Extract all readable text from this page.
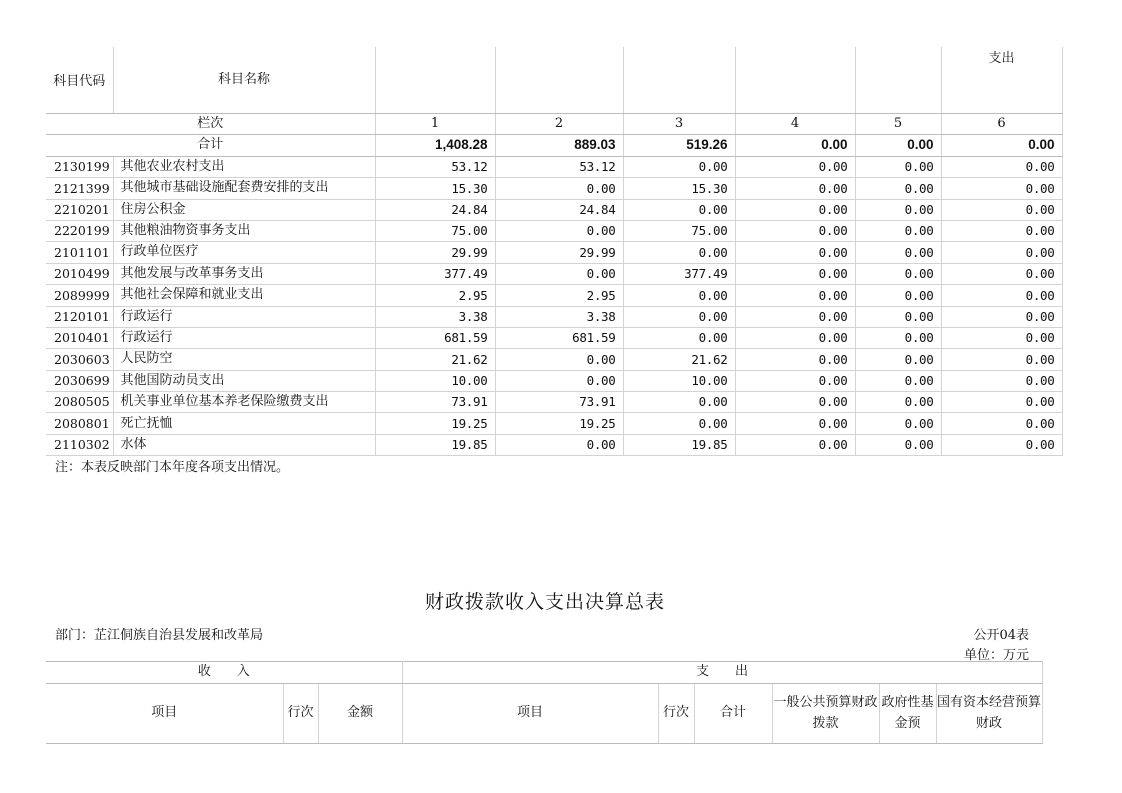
科目代码	科目名称						支出
栏次		1	2	3	4	5	6
合计		1,408.28	889.03	519.26	0.00	0.00	0.00
2130199	其他农业农村支出	53.12	53.12	0.00	0.00	0.00	0.00
2121399	其他城市基础设施配套费安排的支出	15.30	0.00	15.30	0.00	0.00	0.00
2210201	住房公积金	24.84	24.84	0.00	0.00	0.00	0.00
2220199	其他粮油物资事务支出	75.00	0.00	75.00	0.00	0.00	0.00
2101101	行政单位医疗	29.99	29.99	0.00	0.00	0.00	0.00
2010499	其他发展与改革事务支出	377.49	0.00	377.49	0.00	0.00	0.00
2089999	其他社会保障和就业支出	2.95	2.95	0.00	0.00	0.00	0.00
2120101	行政运行	3.38	3.38	0.00	0.00	0.00	0.00
2010401	行政运行	681.59	681.59	0.00	0.00	0.00	0.00
2030603	人民防空	21.62	0.00	21.62	0.00	0.00	0.00
2030699	其他国防动员支出	10.00	0.00	10.00	0.00	0.00	0.00
2080505	机关事业单位基本养老保险缴费支出	73.91	73.91	0.00	0.00	0.00	0.00
2080801	死亡抚恤	19.25	19.25	0.00	0.00	0.00	0.00
2110302	水体	19.85	0.00	19.85	0.00	0.00	0.00
注：本表反映部门本年度各项支出情况。
财政拨款收入支出决算总表
部门：芷江侗族自治县发展和改革局	公开04表
单位：万元
收　　入			支　　出					
项目	行次	金额	项目	行次	合计	一般公共预算财政拨款	政府性基金预	国有资本经营预算财政
